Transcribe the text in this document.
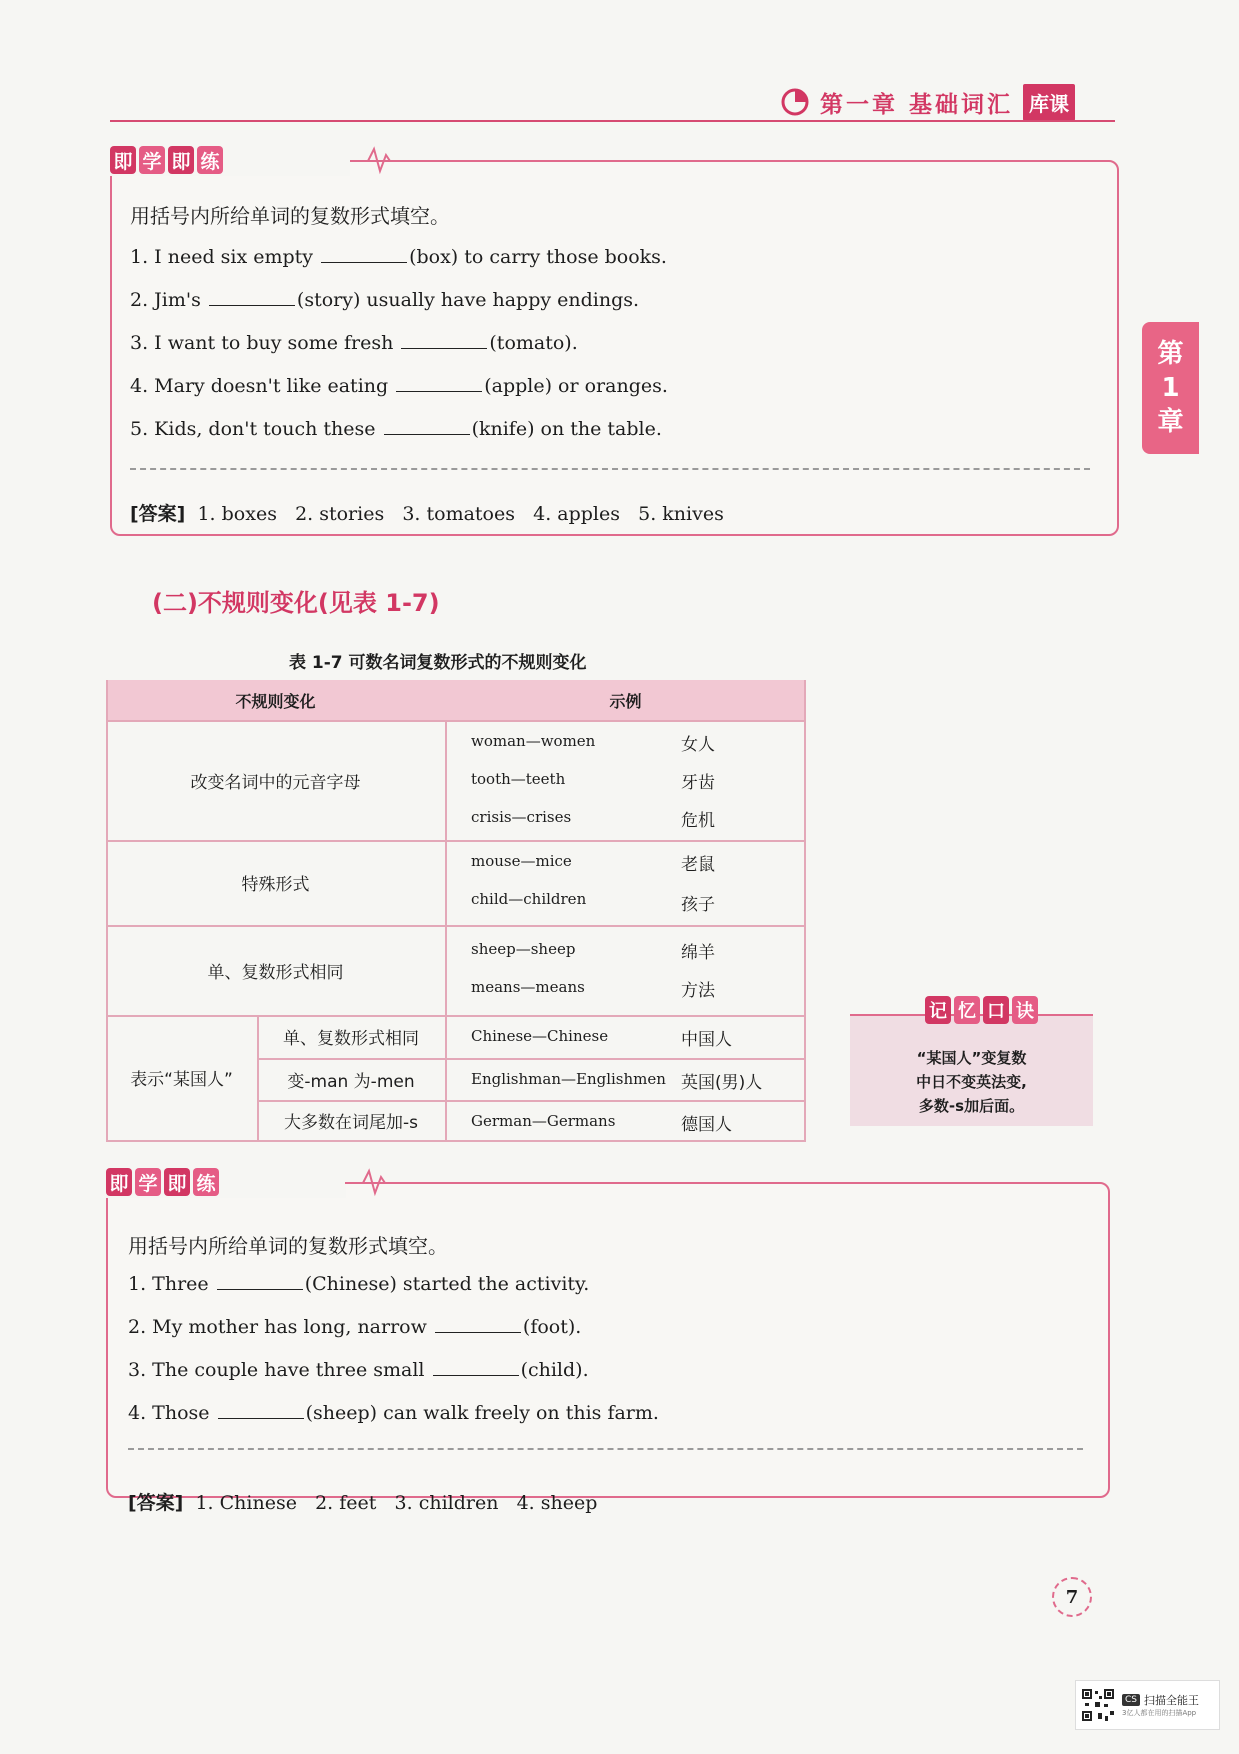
第一章 基础词汇 库课
第
1
章
即 学 即 练
用括号内所给单词的复数形式填空。
1. I need six empty	(box) to carry those books.
2. Jim's	(story) usually have happy endings.
3. I want to buy some fresh	(tomato).
4. Mary doesn't like eating	(apple) or oranges.
5. Kids, don't touch these	(knife) on the table.
[答案] 1. boxes   2. stories   3. tomatoes   4. apples   5. knives
(二)不规则变化(见表 1-7)
表 1-7 可数名词复数形式的不规则变化
不规则变化	示例
改变名词中的元音字母
woman—women	女人
tooth—teeth	牙齿
crisis—crises	危机
特殊形式
mouse—mice	老鼠
child—children	孩子
单、复数形式相同
sheep—sheep	绵羊
means—means	方法
表示“某国人”
单、复数形式相同	Chinese—Chinese	中国人
变-man 为-men	Englishman—Englishmen 英国(男)人
大多数在词尾加-s	German—Germans	德国人
记 忆 口 诀
“某国人”变复数
中日不变英法变,
多数-s加后面。
即 学 即 练
用括号内所给单词的复数形式填空。
1. Three	(Chinese) started the activity.
2. My mother has long, narrow	(foot).
3. The couple have three small	(child).
4. Those	(sheep) can walk freely on this farm.
[答案] 1. Chinese   2. feet   3. children   4. sheep
7
CS 扫描全能王
3亿人都在用的扫描App
